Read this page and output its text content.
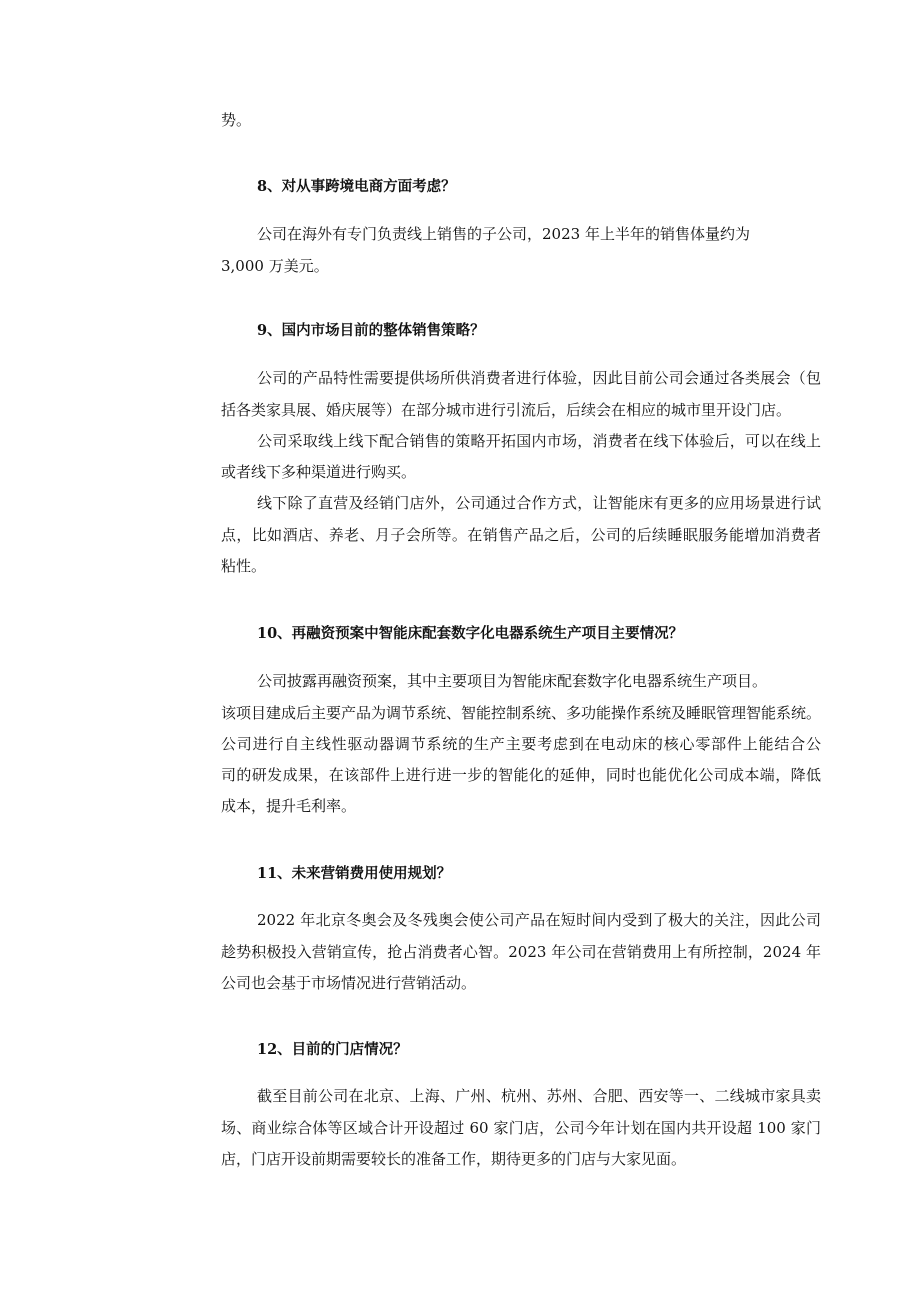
势。
8、对从事跨境电商方面考虑？
公司在海外有专门负责线上销售的子公司，2023 年上半年的销售体量约为
3,000 万美元。
9、国内市场目前的整体销售策略？
公司的产品特性需要提供场所供消费者进行体验，因此目前公司会通过各类展会（包
括各类家具展、婚庆展等）在部分城市进行引流后，后续会在相应的城市里开设门店。
公司采取线上线下配合销售的策略开拓国内市场，消费者在线下体验后，可以在线上
或者线下多种渠道进行购买。
线下除了直营及经销门店外，公司通过合作方式，让智能床有更多的应用场景进行试
点，比如酒店、养老、月子会所等。在销售产品之后，公司的后续睡眠服务能增加消费者
粘性。
10、再融资预案中智能床配套数字化电器系统生产项目主要情况？
公司披露再融资预案，其中主要项目为智能床配套数字化电器系统生产项目。
该项目建成后主要产品为调节系统、智能控制系统、多功能操作系统及睡眠管理智能系统。
公司进行自主线性驱动器调节系统的生产主要考虑到在电动床的核心零部件上能结合公
司的研发成果，在该部件上进行进一步的智能化的延伸，同时也能优化公司成本端，降低
成本，提升毛利率。
11、未来营销费用使用规划？
2022 年北京冬奥会及冬残奥会使公司产品在短时间内受到了极大的关注，因此公司
趁势积极投入营销宣传，抢占消费者心智。2023 年公司在营销费用上有所控制，2024 年
公司也会基于市场情况进行营销活动。
12、目前的门店情况？
截至目前公司在北京、上海、广州、杭州、苏州、合肥、西安等一、二线城市家具卖
场、商业综合体等区域合计开设超过 60 家门店，公司今年计划在国内共开设超 100 家门
店，门店开设前期需要较长的准备工作，期待更多的门店与大家见面。
